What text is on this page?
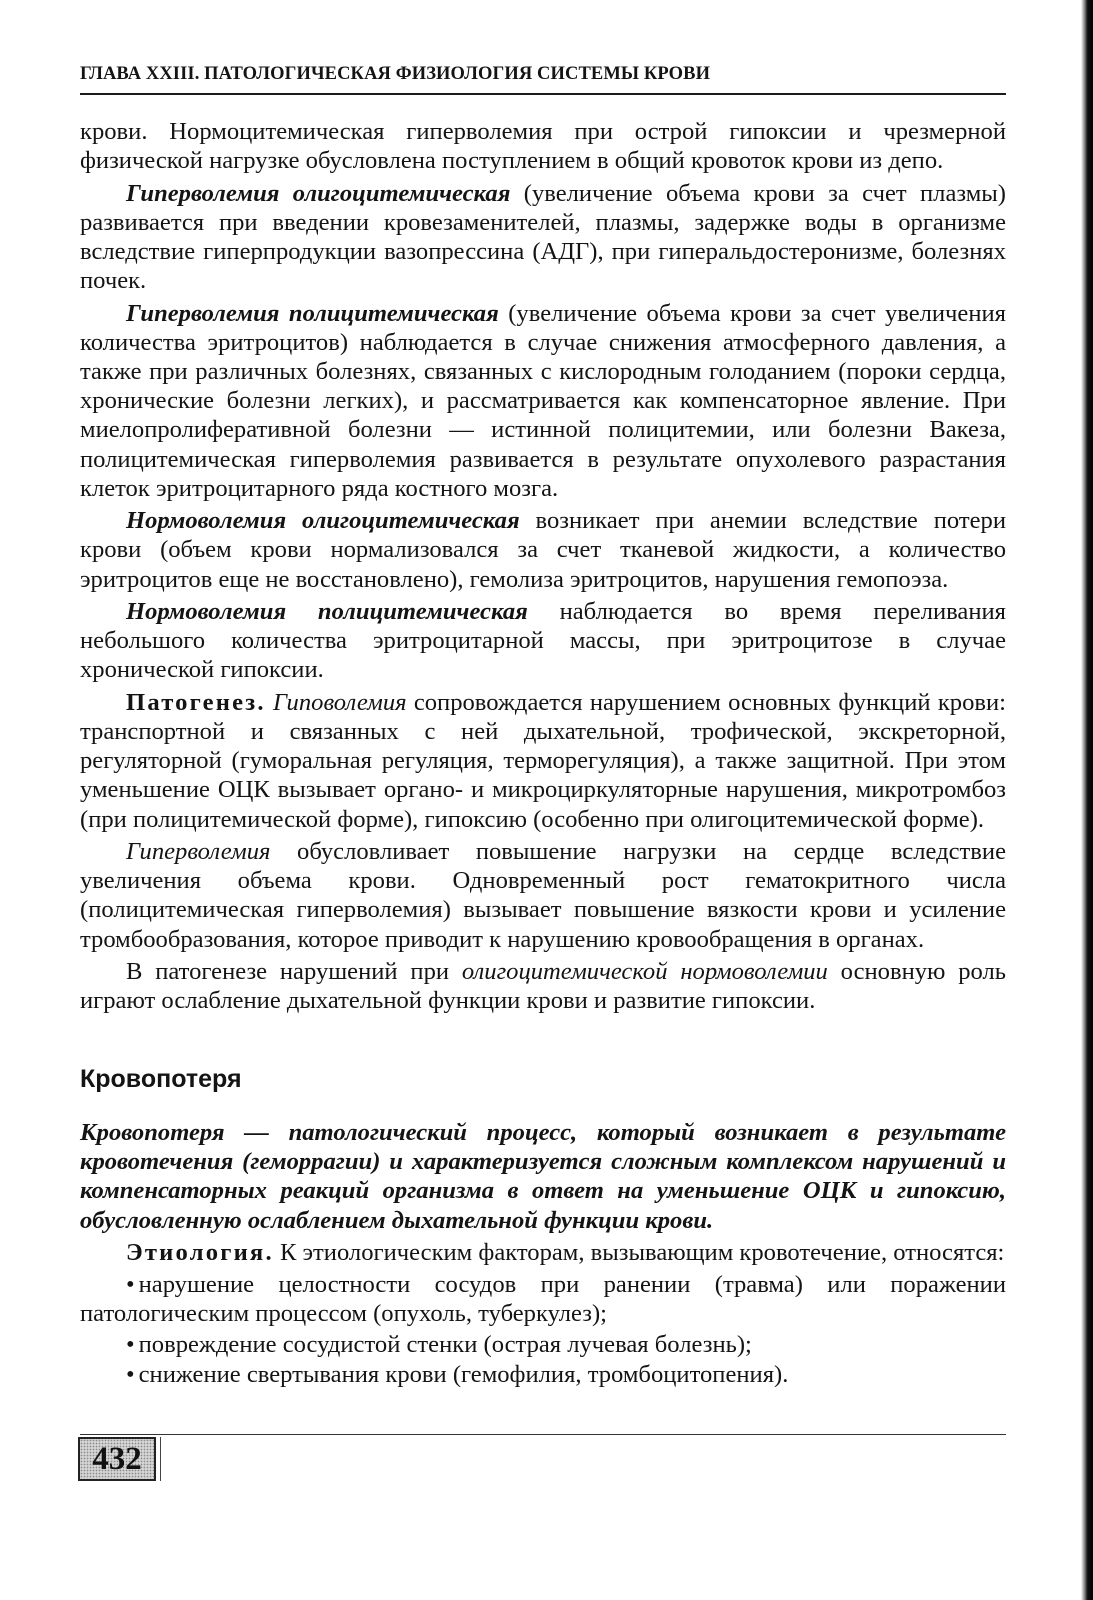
ГЛАВА XXIII. ПАТОЛОГИЧЕСКАЯ ФИЗИОЛОГИЯ СИСТЕМЫ КРОВИ

крови. Нормоцитемическая гиперволемия при острой гипоксии и чрезмерной физической нагрузке обусловлена поступлением в общий кровоток крови из депо.

Гиперволемия олигоцитемическая (увеличение объема крови за счет плазмы) развивается при введении кровезаменителей, плазмы, задержке воды в организме вследствие гиперпродукции вазопрессина (АДГ), при гиперальдостеронизме, болезнях почек.

Гиперволемия полицитемическая (увеличение объема крови за счет увеличения количества эритроцитов) наблюдается в случае снижения атмосферного давления, а также при различных болезнях, связанных с кислородным голоданием (пороки сердца, хронические болезни легких), и рассматривается как компенсаторное явление. При миелопролиферативной болезни — истинной полицитемии, или болезни Вакеза, полицитемическая гиперволемия развивается в результате опухолевого разрастания клеток эритроцитарного ряда костного мозга.

Нормоволемия олигоцитемическая возникает при анемии вследствие потери крови (объем крови нормализовался за счет тканевой жидкости, а количество эритроцитов еще не восстановлено), гемолиза эритроцитов, нарушения гемопоэза.

Нормоволемия полицитемическая наблюдается во время переливания небольшого количества эритроцитарной массы, при эритроцитозе в случае хронической гипоксии.

Патогенез. Гиповолемия сопровождается нарушением основных функций крови: транспортной и связанных с ней дыхательной, трофической, экскреторной, регуляторной (гуморальная регуляция, терморегуляция), а также защитной. При этом уменьшение ОЦК вызывает органо- и микроциркуляторные нарушения, микротромбоз (при полицитемической форме), гипоксию (особенно при олигоцитемической форме).

Гиперволемия обусловливает повышение нагрузки на сердце вследствие увеличения объема крови. Одновременный рост гематокритного числа (полицитемическая гиперволемия) вызывает повышение вязкости крови и усиление тромбообразования, которое приводит к нарушению кровообращения в органах.

В патогенезе нарушений при олигоцитемической нормоволемии основную роль играют ослабление дыхательной функции крови и развитие гипоксии.

Кровопотеря

Кровопотеря — патологический процесс, который возникает в результате кровотечения (геморрагии) и характеризуется сложным комплексом нарушений и компенсаторных реакций организма в ответ на уменьшение ОЦК и гипоксию, обусловленную ослаблением дыхательной функции крови.

Этиология. К этиологическим факторам, вызывающим кровотечение, относятся:

• нарушение целостности сосудов при ранении (травма) или поражении патологическим процессом (опухоль, туберкулез);
• повреждение сосудистой стенки (острая лучевая болезнь);
• снижение свертывания крови (гемофилия, тромбоцитопения).
432
